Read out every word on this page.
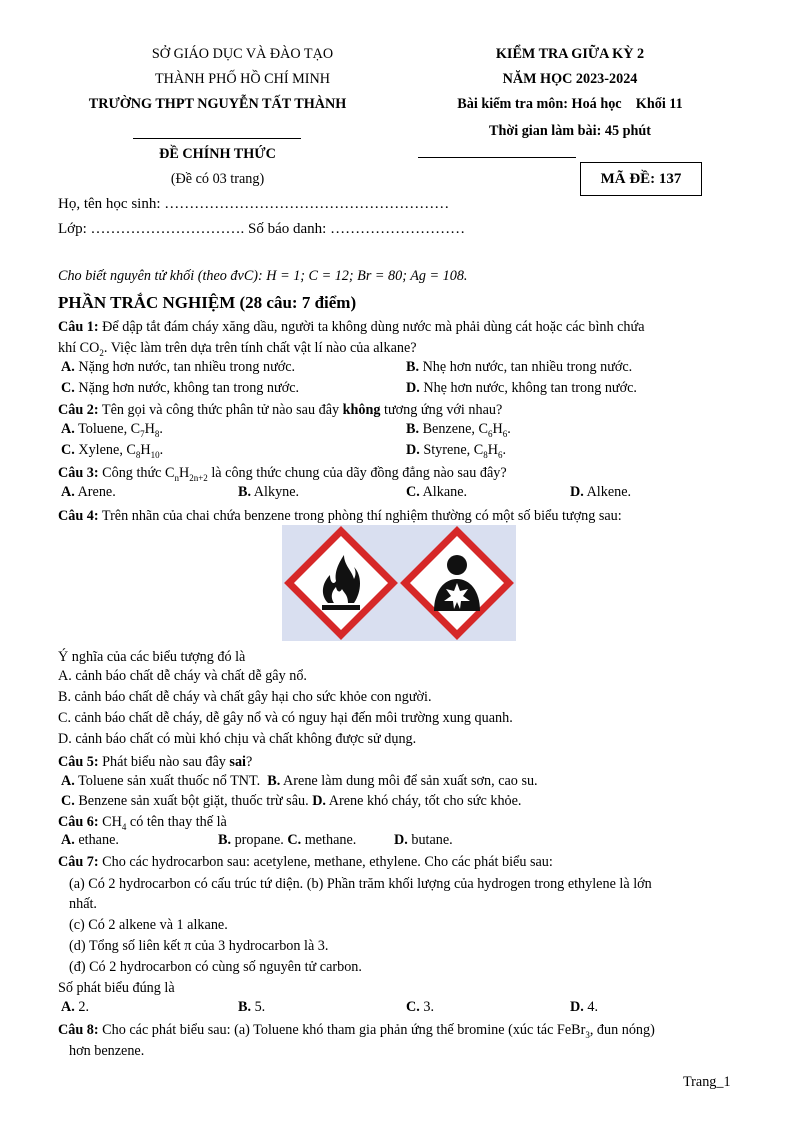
SỞ GIÁO DỤC VÀ ĐÀO TẠO
THÀNH PHỐ HỒ CHÍ MINH
TRƯỜNG THPT NGUYỄN TẤT THÀNH
ĐỀ CHÍNH THỨC
(Đề có 03 trang)
KIỂM TRA GIỮA KỲ 2
NĂM HỌC 2023-2024
Bài kiểm tra môn: Hoá học    Khối 11
Thời gian làm bài: 45 phút
MÃ ĐỀ: 137
Họ, tên học sinh: …………………………………………………
Lớp: …………………………. Số báo danh: ………………………
Cho biết nguyên tử khối (theo đvC): H = 1; C = 12; Br = 80; Ag = 108.
PHẦN TRẮC NGHIỆM (28 câu: 7 điểm)
Câu 1: Để dập tắt đám cháy xăng dầu, người ta không dùng nước mà phải dùng cát hoặc các bình chứa
khí $CO_2$. Việc làm trên dựa trên tính chất vật lí nào của alkane?
A. Nặng hơn nước, tan nhiều trong nước.	B. Nhẹ hơn nước, tan nhiều trong nước.
C. Nặng hơn nước, không tan trong nước.	D. Nhẹ hơn nước, không tan trong nước.
Câu 2: Tên gọi và công thức phân tử nào sau đây không tương ứng với nhau?
A. Toluene, $C_7H_8$.	B. Benzene, $C_6H_6$.
C. Xylene, $C_8H_{10}$.	D. Styrene, $C_8H_6$.
Câu 3: Công thức $C_nH_{2n+2}$ là công thức chung của dãy đồng đẳng nào sau đây?
A. Arene.	B. Alkyne.	C. Alkane.	D. Alkene.
Câu 4: Trên nhãn của chai chứa benzene trong phòng thí nghiệm thường có một số biểu tượng sau:
Ý nghĩa của các biểu tượng đó là
A. cảnh báo chất dễ cháy và chất dễ gây nổ.
B. cảnh báo chất dễ cháy và chất gây hại cho sức khỏe con người.
C. cảnh báo chất dễ cháy, dễ gây nổ và có nguy hại đến môi trường xung quanh.
D. cảnh báo chất có mùi khó chịu và chất không được sử dụng.
Câu 5: Phát biểu nào sau đây sai?
A. Toluene sản xuất thuốc nổ TNT.  B. Arene làm dung môi để sản xuất sơn, cao su.
C. Benzene sản xuất bột giặt, thuốc trừ sâu. D. Arene khó cháy, tốt cho sức khỏe.
Câu 6: $CH_4$ có tên thay thế là
A. ethane.	B. propane. C. methane.	D. butane.
Câu 7: Cho các hydrocarbon sau: acetylene, methane, ethylene. Cho các phát biểu sau:
(a) Có 2 hydrocarbon có cấu trúc tứ diện. (b) Phần trăm khối lượng của hydrogen trong ethylene là lớn
nhất.
(c) Có 2 alkene và 1 alkane.
(d) Tổng số liên kết π của 3 hydrocarbon là 3.
(đ) Có 2 hydrocarbon có cùng số nguyên tử carbon.
Số phát biểu đúng là
A. 2.	B. 5.	C. 3.	D. 4.
Câu 8: Cho các phát biểu sau: (a) Toluene khó tham gia phản ứng thế bromine (xúc tác FeBr$_3$, đun nóng)
hơn benzene.
Trang_1
